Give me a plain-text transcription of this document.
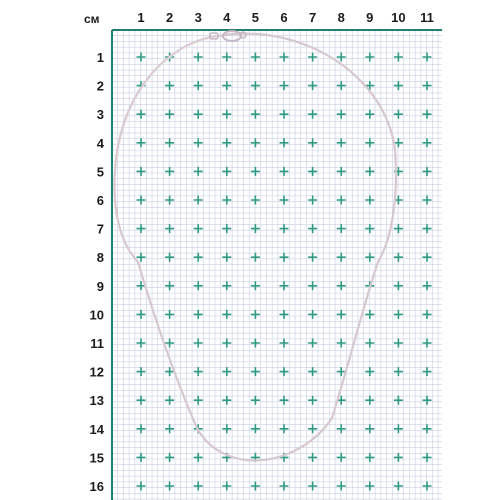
см	1 2 3 4 5 6 7 8 9 10 11
1
2
3
4
5
6
7
8
9
10
11
12
13
14
15
16
